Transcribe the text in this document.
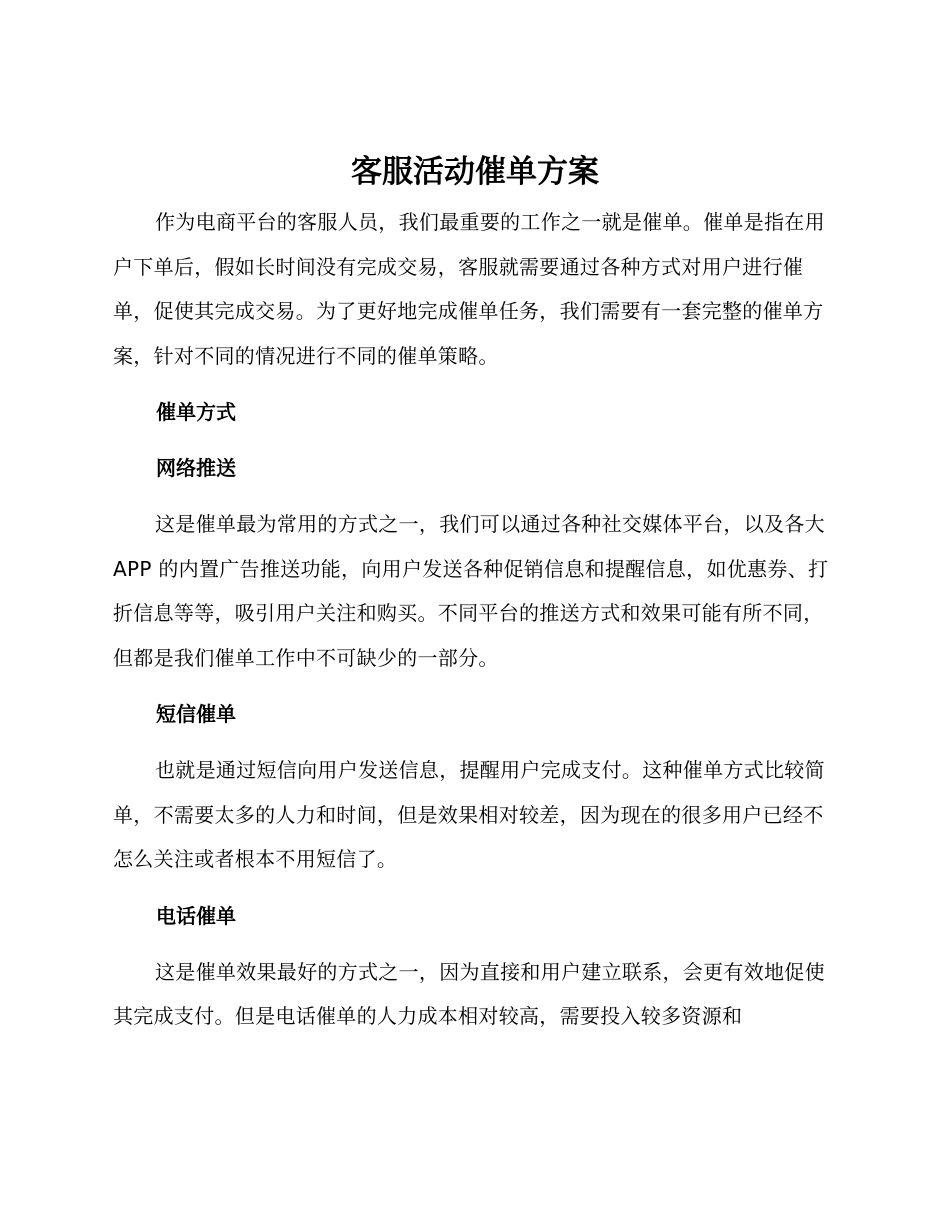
客服活动催单方案

作为电商平台的客服人员，我们最重要的工作之一就是催单。催单是指在用户下单后，假如长时间没有完成交易，客服就需要通过各种方式对用户进行催单，促使其完成交易。为了更好地完成催单任务，我们需要有一套完整的催单方案，针对不同的情况进行不同的催单策略。

催单方式
网络推送

这是催单最为常用的方式之一，我们可以通过各种社交媒体平台，以及各大 APP 的内置广告推送功能，向用户发送各种促销信息和提醒信息，如优惠券、打折信息等等，吸引用户关注和购买。不同平台的推送方式和效果可能有所不同，但都是我们催单工作中不可缺少的一部分。

短信催单

也就是通过短信向用户发送信息，提醒用户完成支付。这种催单方式比较简单，不需要太多的人力和时间，但是效果相对较差，因为现在的很多用户已经不怎么关注或者根本不用短信了。

电话催单

这是催单效果最好的方式之一，因为直接和用户建立联系，会更有效地促使其完成支付。但是电话催单的人力成本相对较高，需要投入较多资源和
